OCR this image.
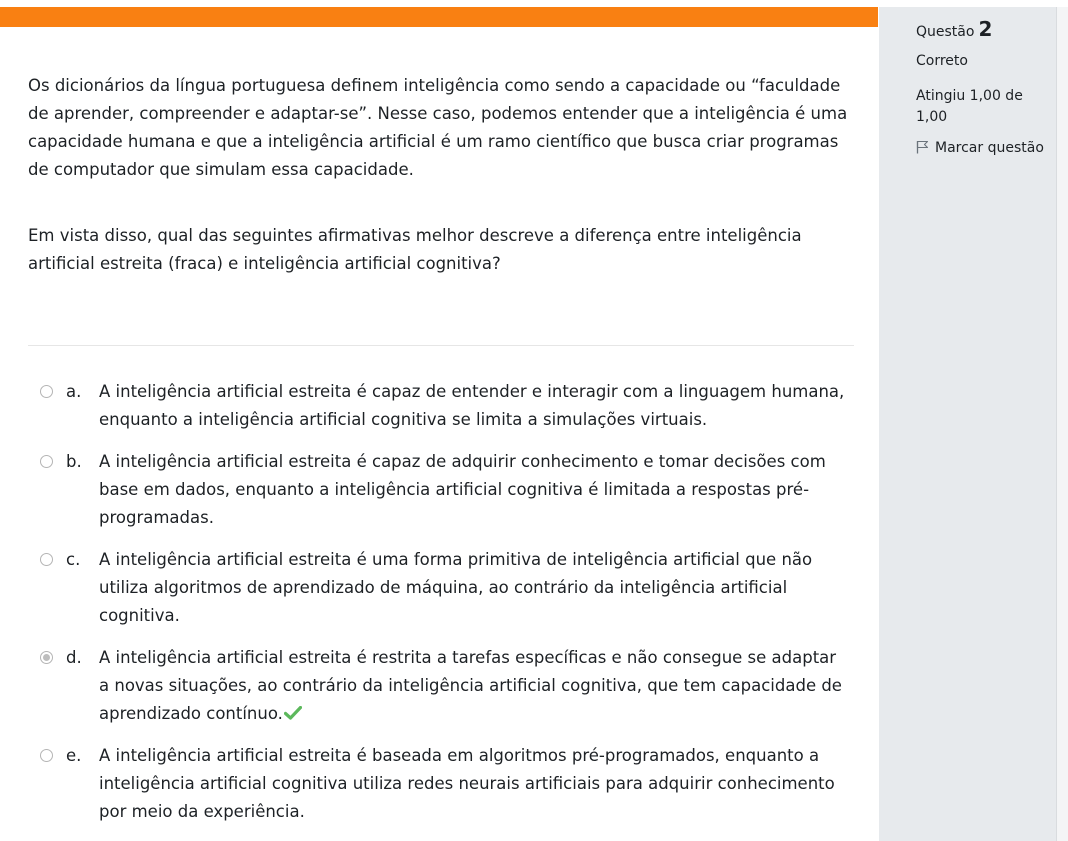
Os dicionários da língua portuguesa definem inteligência como sendo a capacidade ou “faculdade de aprender, compreender e adaptar-se”. Nesse caso, podemos entender que a inteligência é uma capacidade humana e que a inteligência artificial é um ramo científico que busca criar programas de computador que simulam essa capacidade.

Em vista disso, qual das seguintes afirmativas melhor descreve a diferença entre inteligência artificial estreita (fraca) e inteligência artificial cognitiva?

a. A inteligência artificial estreita é capaz de entender e interagir com a linguagem humana, enquanto a inteligência artificial cognitiva se limita a simulações virtuais.
b. A inteligência artificial estreita é capaz de adquirir conhecimento e tomar decisões com base em dados, enquanto a inteligência artificial cognitiva é limitada a respostas pré-programadas.
c. A inteligência artificial estreita é uma forma primitiva de inteligência artificial que não utiliza algoritmos de aprendizado de máquina, ao contrário da inteligência artificial cognitiva.
d. A inteligência artificial estreita é restrita a tarefas específicas e não consegue se adaptar a novas situações, ao contrário da inteligência artificial cognitiva, que tem capacidade de aprendizado contínuo.
e. A inteligência artificial estreita é baseada em algoritmos pré-programados, enquanto a inteligência artificial cognitiva utiliza redes neurais artificiais para adquirir conhecimento por meio da experiência.
Questão 2
Correto
Atingiu 1,00 de 1,00
Marcar questão
